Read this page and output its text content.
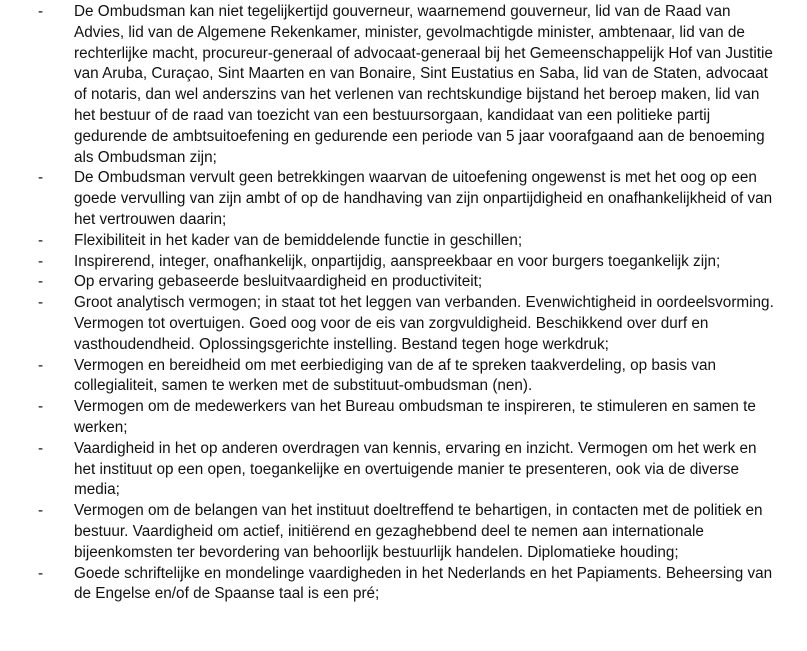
-	De Ombudsman kan niet tegelijkertijd gouverneur, waarnemend gouverneur, lid van de Raad van Advies, lid van de Algemene Rekenkamer, minister, gevolmachtigde minister, ambtenaar, lid van de rechterlijke macht, procureur-generaal of advocaat-generaal bij het Gemeenschappelijk Hof van Justitie van Aruba, Curaçao, Sint Maarten en van Bonaire, Sint Eustatius en Saba, lid van de Staten, advocaat of notaris, dan wel anderszins van het verlenen van rechtskundige bijstand het beroep maken, lid van het bestuur of de raad van toezicht van een bestuursorgaan, kandidaat van een politieke partij gedurende de ambtsuitoefening en gedurende een periode van 5 jaar voorafgaand aan de benoeming als Ombudsman zijn;
-	De Ombudsman vervult geen betrekkingen waarvan de uitoefening ongewenst is met het oog op een goede vervulling van zijn ambt of op de handhaving van zijn onpartijdigheid en onafhankelijkheid of van het vertrouwen daarin;
-	Flexibiliteit in het kader van de bemiddelende functie in geschillen;
-	Inspirerend, integer, onafhankelijk, onpartijdig, aanspreekbaar en voor burgers toegankelijk zijn;
-	Op ervaring gebaseerde besluitvaardigheid en productiviteit;
-	Groot analytisch vermogen; in staat tot het leggen van verbanden. Evenwichtigheid in oordeelsvorming. Vermogen tot overtuigen. Goed oog voor de eis van zorgvuldigheid. Beschikkend over durf en vasthoudendheid. Oplossingsgerichte instelling. Bestand tegen hoge werkdruk;
-	Vermogen en bereidheid om met eerbiediging van de af te spreken taakverdeling, op basis van collegialiteit, samen te werken met de substituut-ombudsman (nen).
-	Vermogen om de medewerkers van het Bureau ombudsman te inspireren, te stimuleren en samen te werken;
-	Vaardigheid in het op anderen overdragen van kennis, ervaring en inzicht. Vermogen om het werk en het instituut op een open, toegankelijke en overtuigende manier te presenteren, ook via de diverse media;
-	Vermogen om de belangen van het instituut doeltreffend te behartigen, in contacten met de politiek en bestuur. Vaardigheid om actief, initiërend en gezaghebbend deel te nemen aan internationale bijeenkomsten ter bevordering van behoorlijk bestuurlijk handelen. Diplomatieke houding;
-	Goede schriftelijke en mondelinge vaardigheden in het Nederlands en het Papiaments. Beheersing van de Engelse en/of de Spaanse taal is een pré;
